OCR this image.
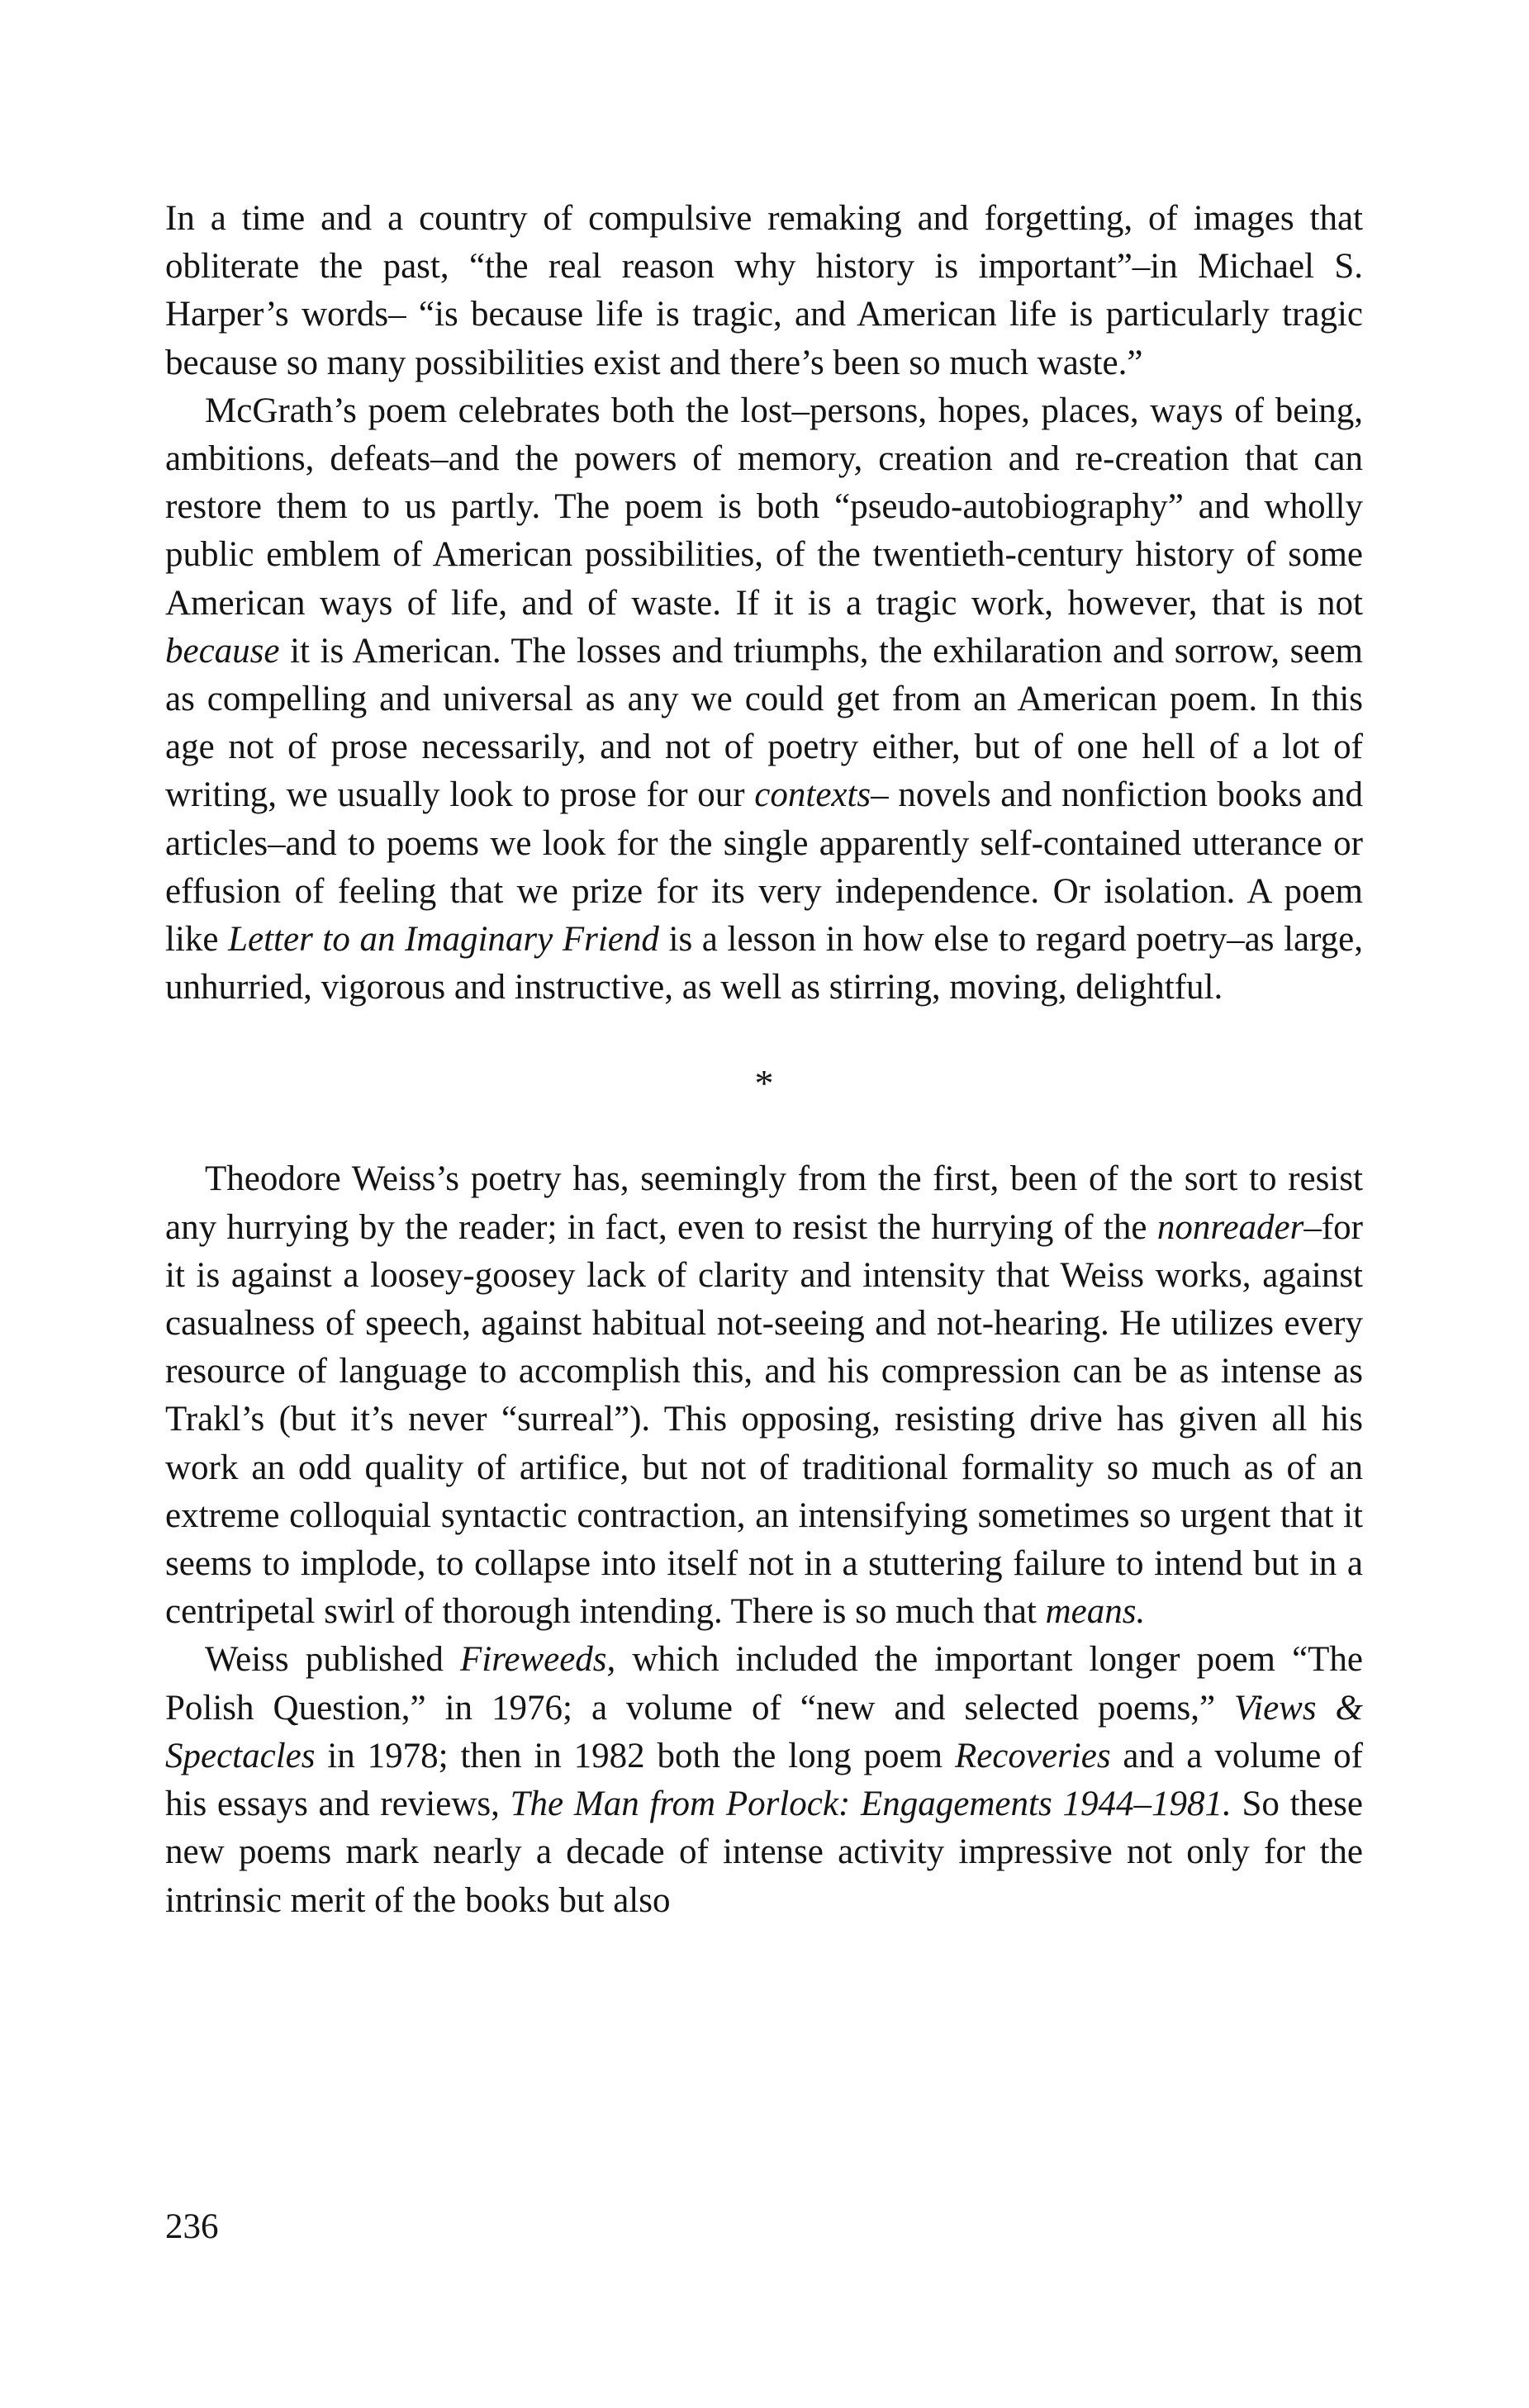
In a time and a country of compulsive remaking and forgetting, of images that obliterate the past, “the real reason why history is important”–in Michael S. Harper’s words– “is because life is tragic, and American life is particularly tragic because so many possibilities exist and there’s been so much waste.”

McGrath’s poem celebrates both the lost–persons, hopes, places, ways of being, ambitions, defeats–and the powers of memory, creation and re-creation that can restore them to us partly. The poem is both “pseudo-autobiography” and wholly public emblem of American possibilities, of the twentieth-century history of some American ways of life, and of waste. If it is a tragic work, however, that is not because it is American. The losses and triumphs, the exhilaration and sorrow, seem as compelling and universal as any we could get from an American poem. In this age not of prose necessarily, and not of poetry either, but of one hell of a lot of writing, we usually look to prose for our contexts– novels and nonfiction books and articles–and to poems we look for the single apparently self-contained utterance or effusion of feeling that we prize for its very independence. Or isolation. A poem like Letter to an Imaginary Friend is a lesson in how else to regard poetry–as large, unhurried, vigorous and instructive, as well as stirring, moving, delightful.

*

Theodore Weiss’s poetry has, seemingly from the first, been of the sort to resist any hurrying by the reader; in fact, even to resist the hurrying of the nonreader–for it is against a loosey-goosey lack of clarity and intensity that Weiss works, against casualness of speech, against habitual not-seeing and not-hearing. He utilizes every resource of language to accomplish this, and his compression can be as intense as Trakl’s (but it’s never “surreal”). This opposing, resisting drive has given all his work an odd quality of artifice, but not of traditional formality so much as of an extreme colloquial syntactic contraction, an intensifying sometimes so urgent that it seems to implode, to collapse into itself not in a stuttering failure to intend but in a centripetal swirl of thorough intending. There is so much that means.

Weiss published Fireweeds, which included the important longer poem “The Polish Question,” in 1976; a volume of “new and selected poems,” Views & Spectacles in 1978; then in 1982 both the long poem Recoveries and a volume of his essays and reviews, The Man from Porlock: Engagements 1944–1981. So these new poems mark nearly a decade of intense activity impressive not only for the intrinsic merit of the books but also

236
